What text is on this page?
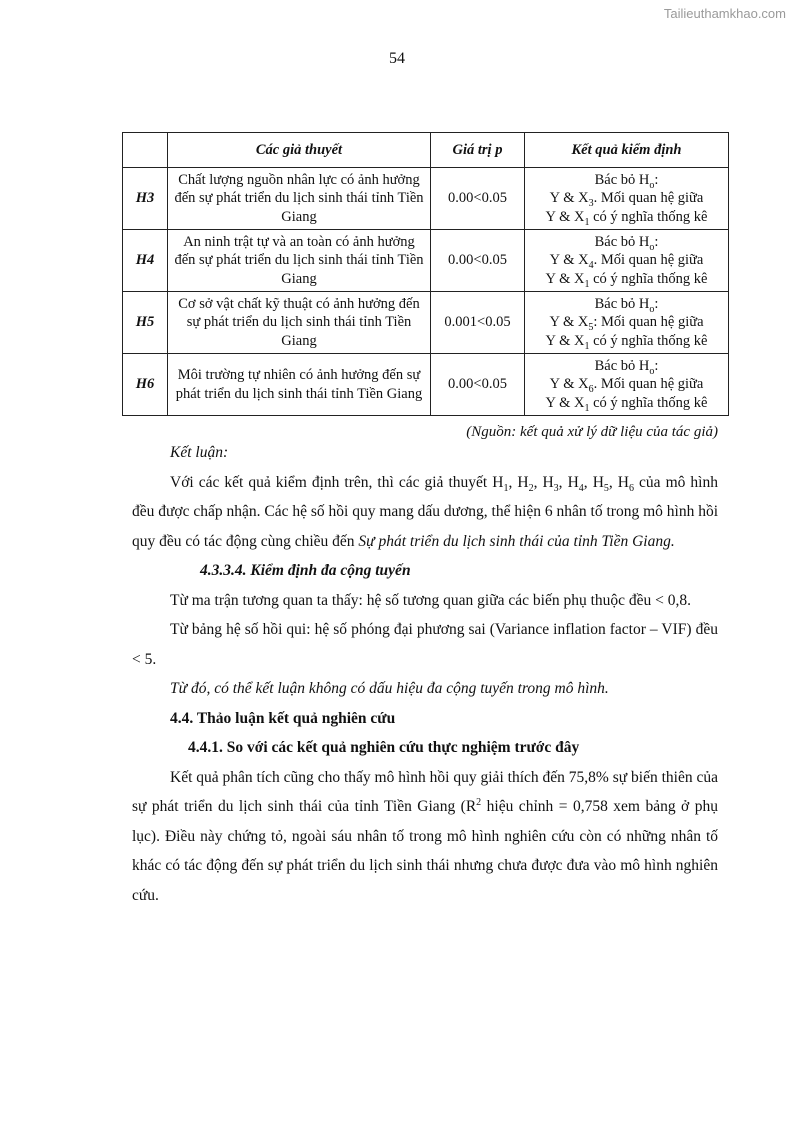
Tailieuthamkhao.com
54
	Các giả thuyết	Giá trị p	Kết quả kiểm định
H3	Chất lượng nguồn nhân lực có ảnh hưởng đến sự phát triển du lịch sinh thái tỉnh Tiền Giang	0.00<0.05	Bác bỏ $H_o$:
Y & $X_3$. Mối quan hệ giữa
Y & $X_1$ có ý nghĩa thống kê
H4	An ninh trật tự và an toàn có ảnh hưởng đến sự phát triển du lịch sinh thái tỉnh Tiền Giang	0.00<0.05	Bác bỏ $H_o$:
Y & $X_4$. Mối quan hệ giữa
Y & $X_1$ có ý nghĩa thống kê
H5	Cơ sở vật chất kỹ thuật có ảnh hưởng đến sự phát triển du lịch sinh thái tỉnh Tiền Giang	0.001<0.05	Bác bỏ $H_o$:
Y & $X_5$: Mối quan hệ giữa
Y & $X_1$ có ý nghĩa thống kê
H6	Môi trường tự nhiên có ảnh hưởng đến sự phát triển du lịch sinh thái tỉnh Tiền Giang	0.00<0.05	Bác bỏ $H_o$:
Y & $X_6$. Mối quan hệ giữa
Y & $X_1$ có ý nghĩa thống kê
(Nguồn: kết quả xử lý dữ liệu của tác giả)

Kết luận:

Với các kết quả kiểm định trên, thì các giả thuyết $H_1$, $H_2$, $H_3$, $H_4$, $H_5$, $H_6$ của mô hình đều được chấp nhận. Các hệ số hồi quy mang dấu dương, thể hiện 6 nhân tố trong mô hình hồi quy đều có tác động cùng chiều đến Sự phát triển du lịch sinh thái của tỉnh Tiền Giang.

4.3.3.4. Kiểm định đa cộng tuyến

Từ ma trận tương quan ta thấy: hệ số tương quan giữa các biến phụ thuộc đều < 0,8.

Từ bảng hệ số hồi qui: hệ số phóng đại phương sai (Variance inflation factor – VIF) đều < 5.

Từ đó, có thể kết luận không có dấu hiệu đa cộng tuyến trong mô hình.

4.4. Thảo luận kết quả nghiên cứu

4.4.1. So với các kết quả nghiên cứu thực nghiệm trước đây

Kết quả phân tích cũng cho thấy mô hình hồi quy giải thích đến 75,8% sự biến thiên của sự phát triển du lịch sinh thái của tỉnh Tiền Giang ($R^2$ hiệu chỉnh = 0,758 xem bảng ở phụ lục). Điều này chứng tỏ, ngoài sáu nhân tố trong mô hình nghiên cứu còn có những nhân tố khác có tác động đến sự phát triển du lịch sinh thái nhưng chưa được đưa vào mô hình nghiên cứu.
